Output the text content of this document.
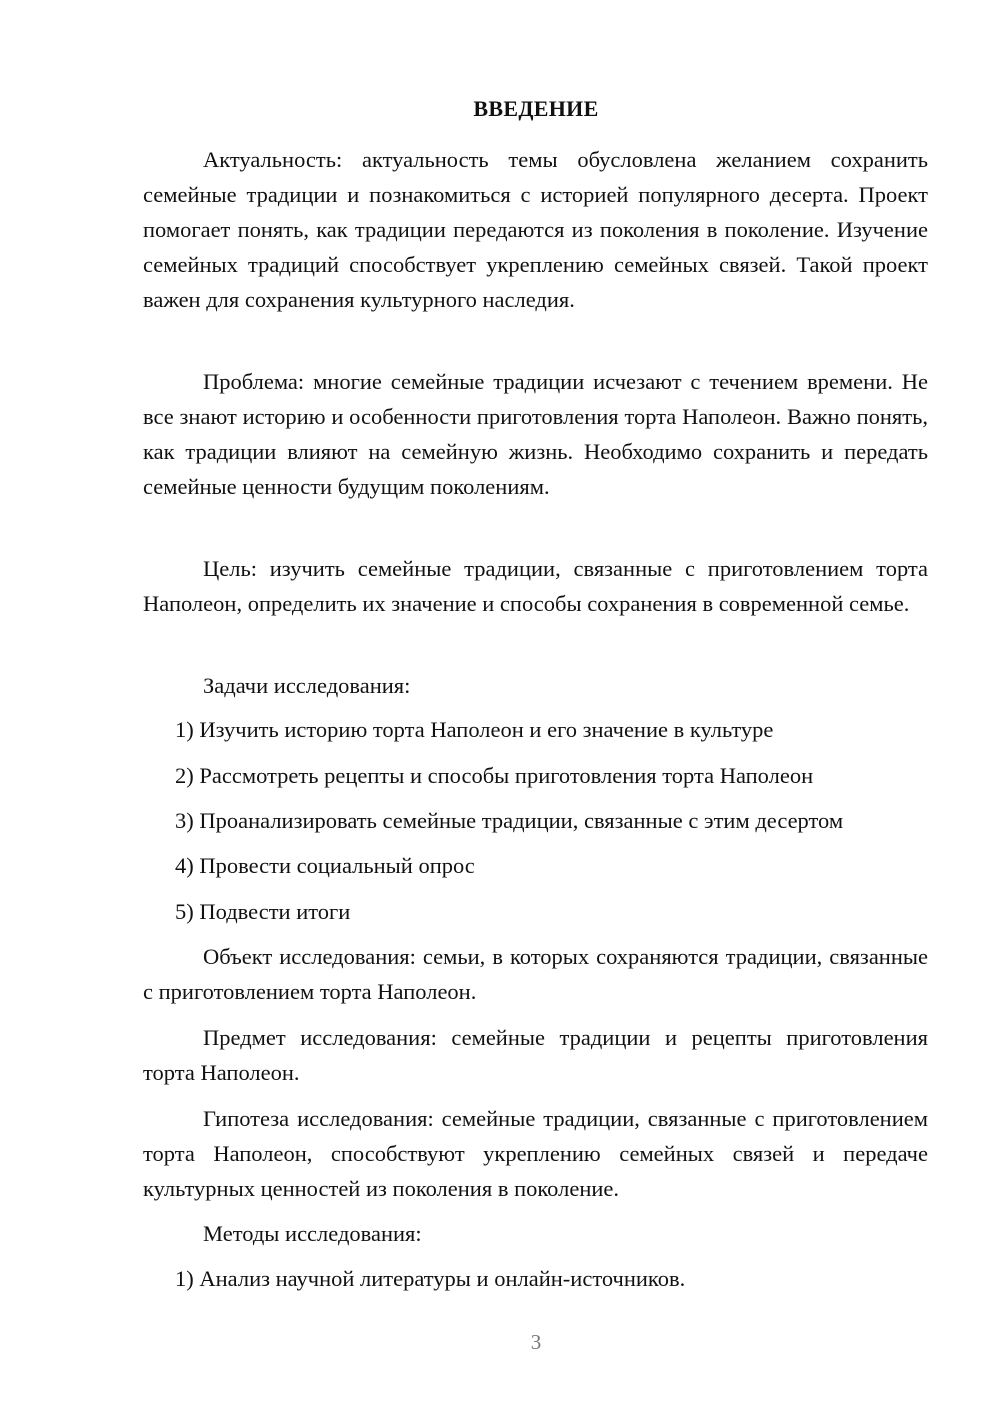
ВВЕДЕНИЕ
Актуальность: актуальность темы обусловлена желанием сохранить семейные традиции и познакомиться с историей популярного десерта. Проект помогает понять, как традиции передаются из поколения в поколение. Изучение семейных традиций способствует укреплению семейных связей. Такой проект важен для сохранения культурного наследия.
Проблема: многие семейные традиции исчезают с течением времени. Не все знают историю и особенности приготовления торта Наполеон. Важно понять, как традиции влияют на семейную жизнь. Необходимо сохранить и передать семейные ценности будущим поколениям.
Цель: изучить семейные традиции, связанные с приготовлением торта Наполеон, определить их значение и способы сохранения в современной семье.
Задачи исследования:
1) Изучить историю торта Наполеон и его значение в культуре
2) Рассмотреть рецепты и способы приготовления торта Наполеон
3) Проанализировать семейные традиции, связанные с этим десертом
4) Провести социальный опрос
5) Подвести итоги
Объект исследования: семьи, в которых сохраняются традиции, связанные с приготовлением торта Наполеон.
Предмет исследования: семейные традиции и рецепты приготовления торта Наполеон.
Гипотеза исследования: семейные традиции, связанные с приготовлением торта Наполеон, способствуют укреплению семейных связей и передаче культурных ценностей из поколения в поколение.
Методы исследования:
1) Анализ научной литературы и онлайн-источников.
3
